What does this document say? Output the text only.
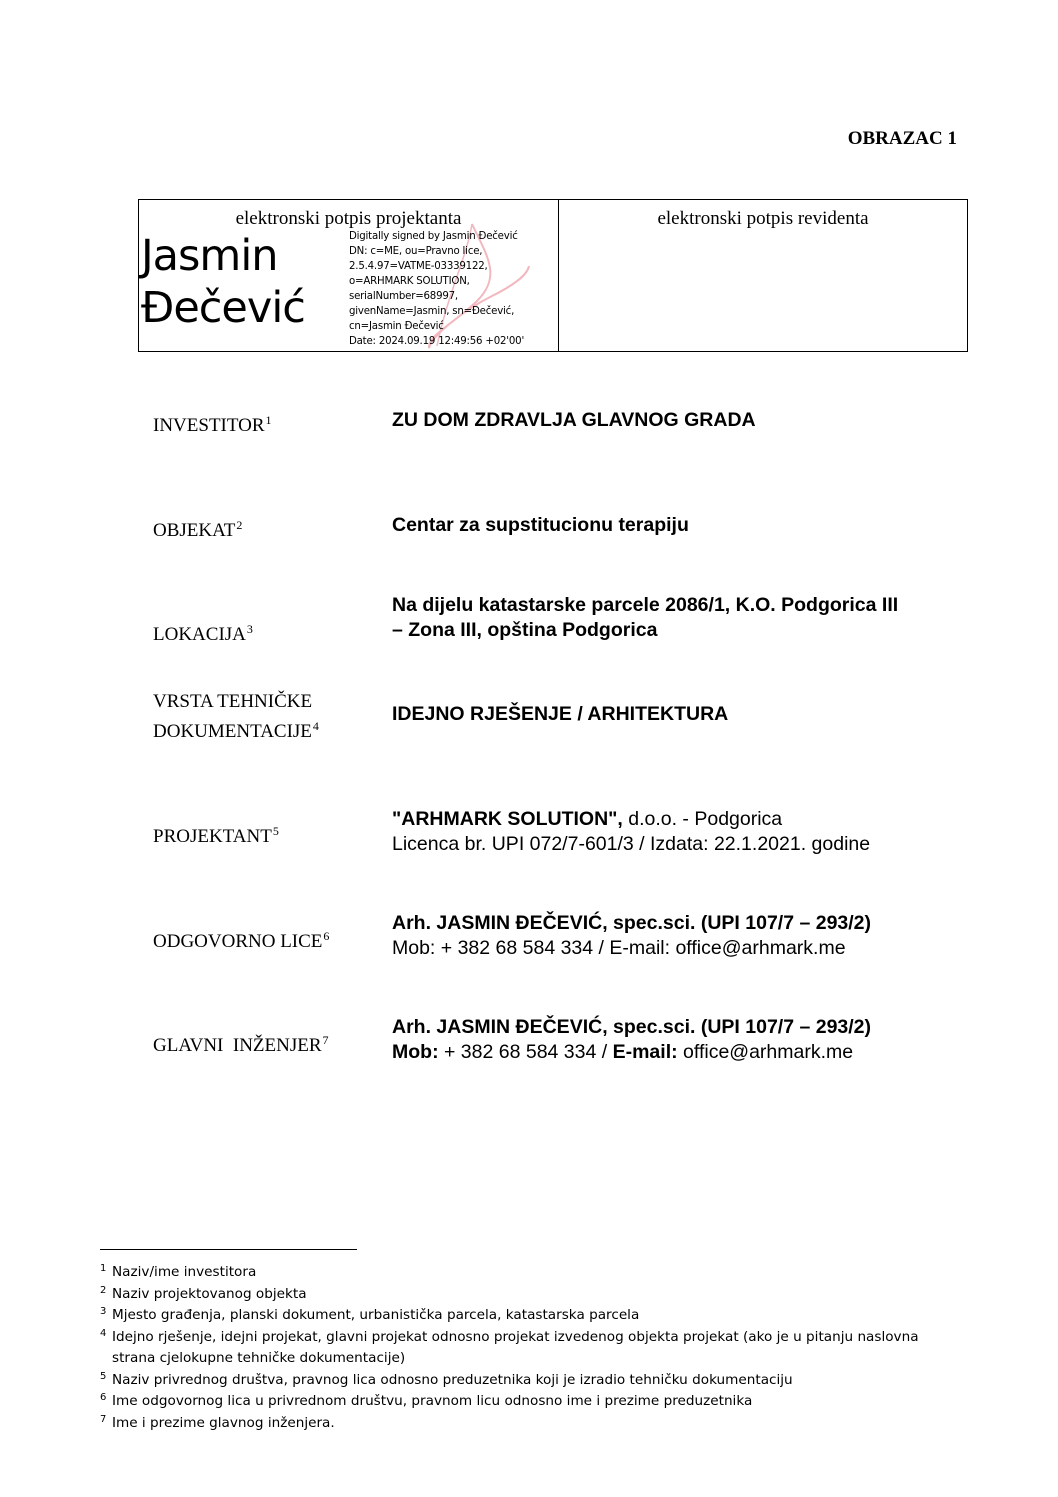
OBRAZAC 1
elektronski potpis projektanta
Jasmin
Đečević
Digitally signed by Jasmin Đečević
DN: c=ME, ou=Pravno lice,
2.5.4.97=VATME-03339122,
o=ARHMARK SOLUTION,
serialNumber=68997,
givenName=Jasmin, sn=Đečević,
cn=Jasmin Đečević
Date: 2024.09.19 12:49:56 +02'00'
elektronski potpis revidenta
INVESTITOR$^1$	ZU DOM ZDRAVLJA GLAVNOG GRADA
OBJEKAT$^2$	Centar za supstitucionu terapiju
LOKACIJA$^3$
Na dijelu katastarske parcele 2086/1, K.O. Podgorica III
– Zona III, opština Podgorica
VRSTA TEHNIČKE
DOKUMENTACIJE$^4$
IDEJNO RJEŠENJE / ARHITEKTURA
PROJEKTANT$^5$
"ARHMARK SOLUTION", d.o.o. - Podgorica
Licenca br. UPI 072/7-601/3 / Izdata: 22.1.2021. godine
ODGOVORNO LICE$^6$
Arh. JASMIN ĐEČEVIĆ, spec.sci. (UPI 107/7 – 293/2)
Mob: + 382 68 584 334 / E-mail: office@arhmark.me
GLAVNI  INŽENJER$^7$
Arh. JASMIN ĐEČEVIĆ, spec.sci. (UPI 107/7 – 293/2)
Mob: + 382 68 584 334 / E-mail: office@arhmark.me
1 Naziv/ime investitora
2 Naziv projektovanog objekta
3 Mjesto građenja, planski dokument, urbanistička parcela, katastarska parcela
4 Idejno rješenje, idejni projekat, glavni projekat odnosno projekat izvedenog objekta projekat (ako je u pitanju naslovna strana cjelokupne tehničke dokumentacije)
5 Naziv privrednog društva, pravnog lica odnosno preduzetnika koji je izradio tehničku dokumentaciju
6 Ime odgovornog lica u privrednom društvu, pravnom licu odnosno ime i prezime preduzetnika
7 Ime i prezime glavnog inženjera.
